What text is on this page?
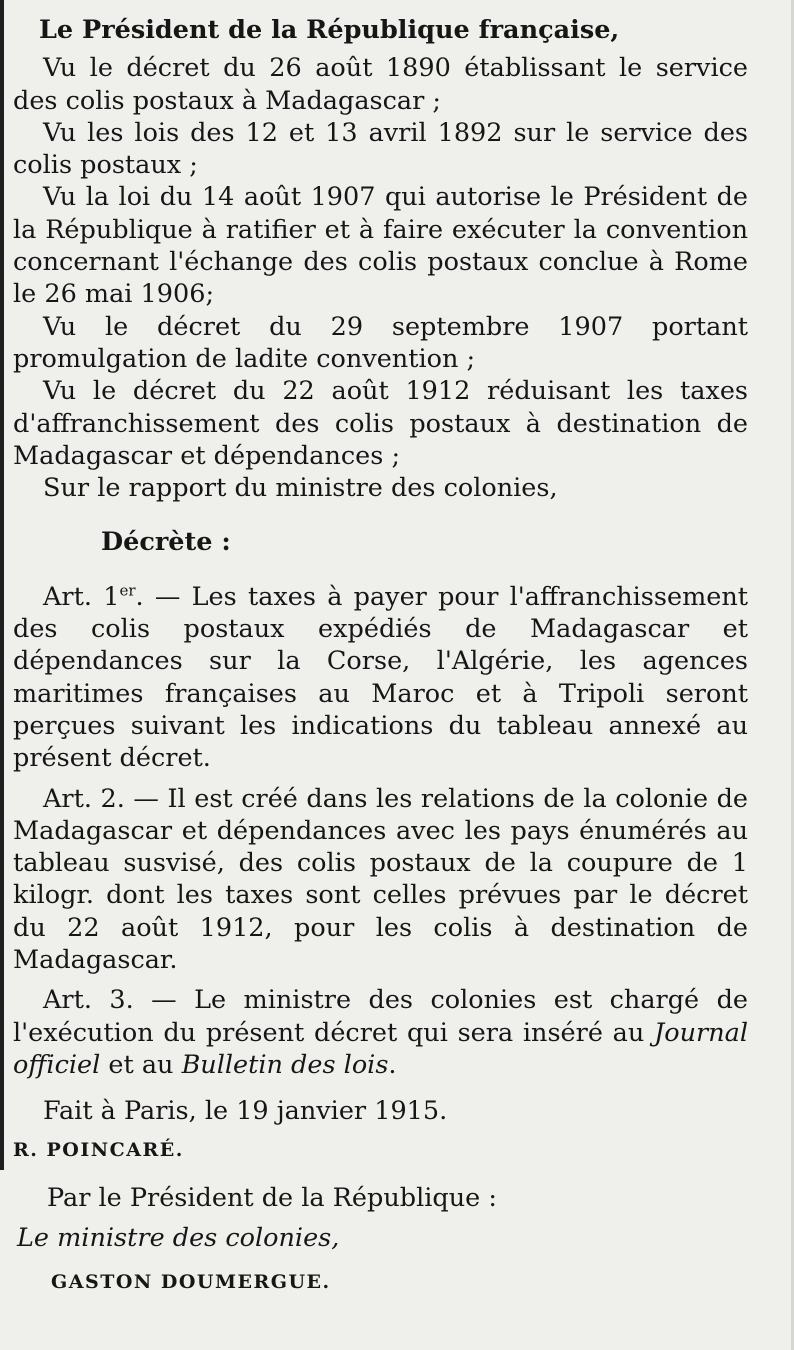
Le Président de la République française,

Vu le décret du 26 août 1890 établissant le service des colis postaux à Madagascar ;

Vu les lois des 12 et 13 avril 1892 sur le service des colis postaux ;

Vu la loi du 14 août 1907 qui autorise le Président de la République à ratifier et à faire exécuter la convention concernant l'échange des colis postaux conclue à Rome le 26 mai 1906;

Vu le décret du 29 septembre 1907 portant promulgation de ladite convention ;

Vu le décret du 22 août 1912 réduisant les taxes d'affranchissement des colis postaux à destination de Madagascar et dépendances ;

Sur le rapport du ministre des colonies,

Décrète :

Art. 1er. — Les taxes à payer pour l'affranchissement des colis postaux expédiés de Madagascar et dépendances sur la Corse, l'Algérie, les agences maritimes françaises au Maroc et à Tripoli seront perçues suivant les indications du tableau annexé au présent décret.

Art. 2. — Il est créé dans les relations de la colonie de Madagascar et dépendances avec les pays énumérés au tableau susvisé, des colis postaux de la coupure de 1 kilogr. dont les taxes sont celles prévues par le décret du 22 août 1912, pour les colis à destination de Madagascar.

Art. 3. — Le ministre des colonies est chargé de l'exécution du présent décret qui sera inséré au Journal officiel et au Bulletin des lois.

Fait à Paris, le 19 janvier 1915.

R. POINCARÉ.

Par le Président de la République :

Le ministre des colonies,

GASTON DOUMERGUE.
